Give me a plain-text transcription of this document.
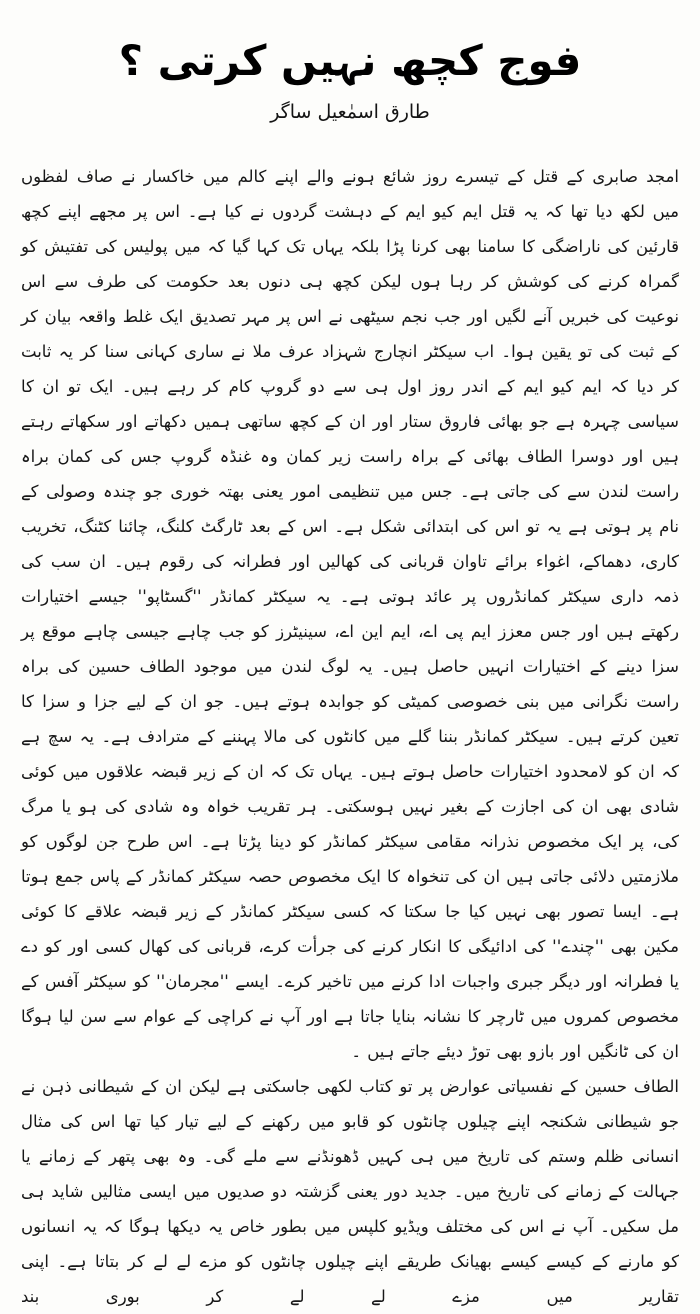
فوج کچھ نہیں کرتی ؟
طارق اسمٰعیل ساگر

امجد صابری کے قتل کے تیسرے روز شائع ہونے والے اپنے کالم میں خاکسار نے صاف لفظوں میں لکھ دیا تھا کہ یہ قتل ایم کیو ایم کے دہشت گردوں نے کیا ہے۔ اس پر مجھے اپنے کچھ قارئین کی ناراضگی کا سامنا بھی کرنا پڑا بلکہ یہاں تک کہا گیا کہ میں پولیس کی تفتیش کو گمراہ کرنے کی کوشش کر رہا ہوں لیکن کچھ ہی دنوں بعد حکومت کی طرف سے اس نوعیت کی خبریں آنے لگیں اور جب نجم سیٹھی نے اس پر مہر تصدیق ایک غلط واقعہ بیان کر کے ثبت کی تو یقین ہوا۔ اب سیکٹر انچارج شہزاد عرف ملا نے ساری کہانی سنا کر یہ ثابت کر دیا کہ ایم کیو ایم کے اندر روز اول ہی سے دو گروپ کام کر رہے ہیں۔ ایک تو ان کا سیاسی چہرہ ہے جو بھائی فاروق ستار اور ان کے کچھ ساتھی ہمیں دکھاتے اور سکھاتے رہتے ہیں اور دوسرا الطاف بھائی کے براہ راست زیر کمان وہ غنڈہ گروپ جس کی کمان براہ راست لندن سے کی جاتی ہے۔ جس میں تنظیمی امور یعنی بھتہ خوری جو چندہ وصولی کے نام پر ہوتی ہے یہ تو اس کی ابتدائی شکل ہے۔ اس کے بعد ٹارگٹ کلنگ، چائنا کٹنگ، تخریب کاری، دھماکے، اغواء برائے تاوان قربانی کی کھالیں اور فطرانہ کی رقوم ہیں۔ ان سب کی ذمہ داری سیکٹر کمانڈروں پر عائد ہوتی ہے۔ یہ سیکٹر کمانڈر ''گسٹاپو'' جیسے اختیارات رکھتے ہیں اور جس معزز ایم پی اے، ایم این اے، سینیٹرز کو جب چاہے جیسی چاہے موقع پر سزا دینے کے اختیارات انہیں حاصل ہیں۔ یہ لوگ لندن میں موجود الطاف حسین کی براہ راست نگرانی میں بنی خصوصی کمیٹی کو جوابدہ ہوتے ہیں۔ جو ان کے لیے جزا و سزا کا تعین کرتے ہیں۔ سیکٹر کمانڈر بننا گلے میں کانٹوں کی مالا پہننے کے مترادف ہے۔ یہ سچ ہے کہ ان کو لامحدود اختیارات حاصل ہوتے ہیں۔ یہاں تک کہ ان کے زیر قبضہ علاقوں میں کوئی شادی بھی ان کی اجازت کے بغیر نہیں ہوسکتی۔ ہر تقریب خواہ وہ شادی کی ہو یا مرگ کی، پر ایک مخصوص نذرانہ مقامی سیکٹر کمانڈر کو دینا پڑتا ہے۔ اس طرح جن لوگوں کو ملازمتیں دلائی جاتی ہیں ان کی تنخواہ کا ایک مخصوص حصہ سیکٹر کمانڈر کے پاس جمع ہوتا ہے۔ ایسا تصور بھی نہیں کیا جا سکتا کہ کسی سیکٹر کمانڈر کے زیر قبضہ علاقے کا کوئی مکین بھی ''چندے'' کی ادائیگی کا انکار کرنے کی جرأت کرے، قربانی کی کھال کسی اور کو دے یا فطرانہ اور دیگر جبری واجبات ادا کرنے میں تاخیر کرے۔ ایسے ''مجرمان'' کو سیکٹر آفس کے مخصوص کمروں میں ٹارچر کا نشانہ بنایا جاتا ہے اور آپ نے کراچی کے عوام سے سن لیا ہوگا ان کی ٹانگیں اور بازو بھی توڑ دیئے جاتے ہیں ۔

الطاف حسین کے نفسیاتی عوارض پر تو کتاب لکھی جاسکتی ہے لیکن ان کے شیطانی ذہن نے جو شیطانی شکنجہ اپنے چیلوں چانٹوں کو قابو میں رکھنے کے لیے تیار کیا تھا اس کی مثال انسانی ظلم وستم کی تاریخ میں ہی کہیں ڈھونڈنے سے ملے گی۔ وہ بھی پتھر کے زمانے یا جہالت کے زمانے کی تاریخ میں۔ جدید دور یعنی گزشتہ دو صدیوں میں ایسی مثالیں شاید ہی مل سکیں۔ آپ نے اس کی مختلف ویڈیو کلپس میں بطور خاص یہ دیکھا ہوگا کہ یہ انسانوں کو مارنے کے کیسے کیسے بھیانک طریقے اپنے چیلوں چانٹوں کو مزے لے لے کر بتاتا ہے۔ اپنی تقاریر میں مزے لے لے کر بوری بند
